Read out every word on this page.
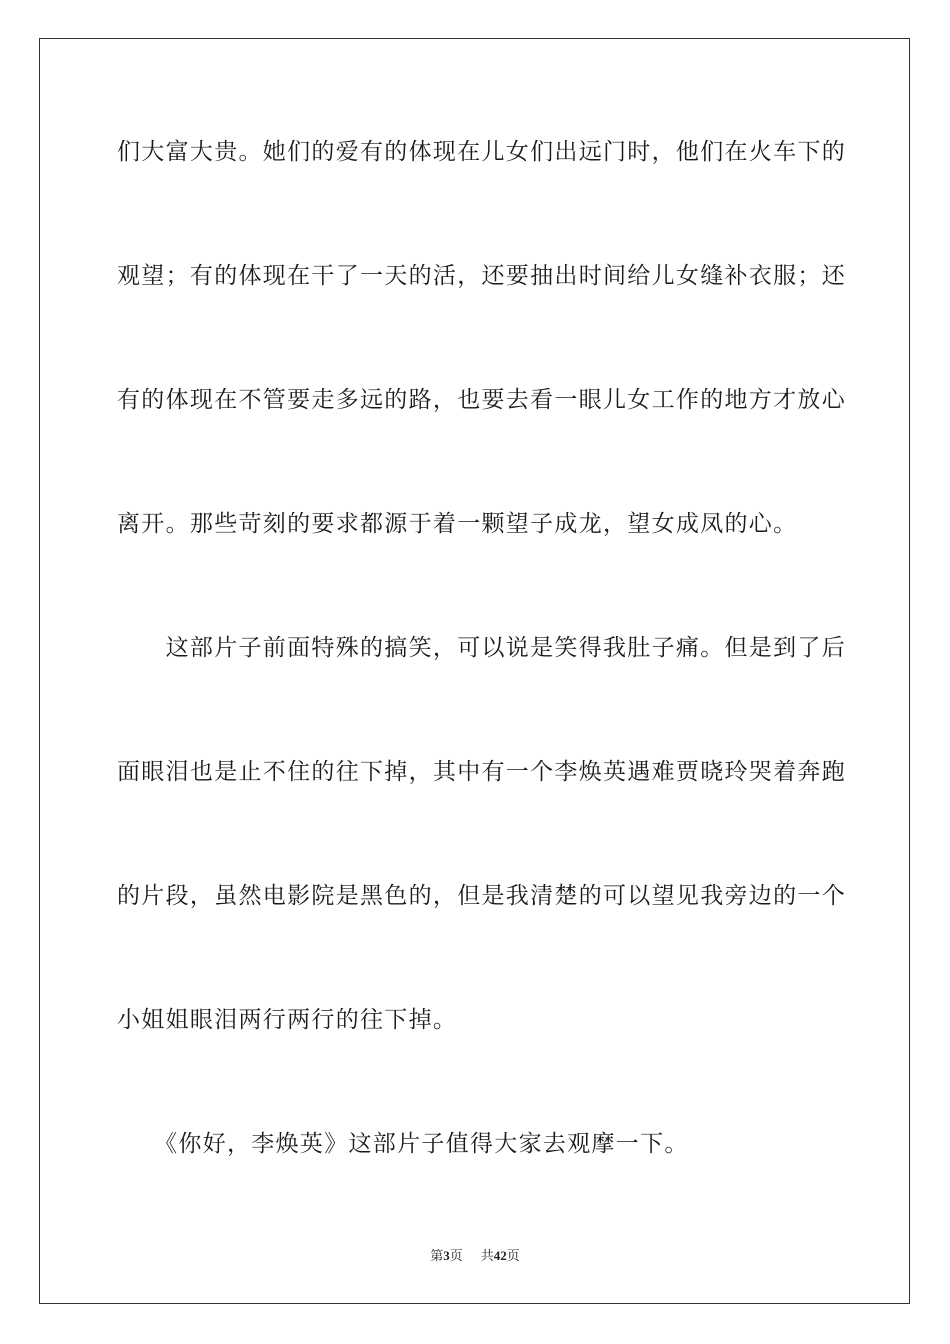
们大富大贵。她们的爱有的体现在儿女们出远门时，他们在火车下的
观望；有的体现在干了一天的活，还要抽出时间给儿女缝补衣服；还
有的体现在不管要走多远的路，也要去看一眼儿女工作的地方才放心
离开。那些苛刻的要求都源于着一颗望子成龙，望女成凤的心。
　　这部片子前面特殊的搞笑，可以说是笑得我肚子痛。但是到了后
面眼泪也是止不住的往下掉，其中有一个李焕英遇难贾晓玲哭着奔跑
的片段，虽然电影院是黑色的，但是我清楚的可以望见我旁边的一个
小姐姐眼泪两行两行的往下掉。
　　《你好，李焕英》这部片子值得大家去观摩一下。
第3页 共42页
